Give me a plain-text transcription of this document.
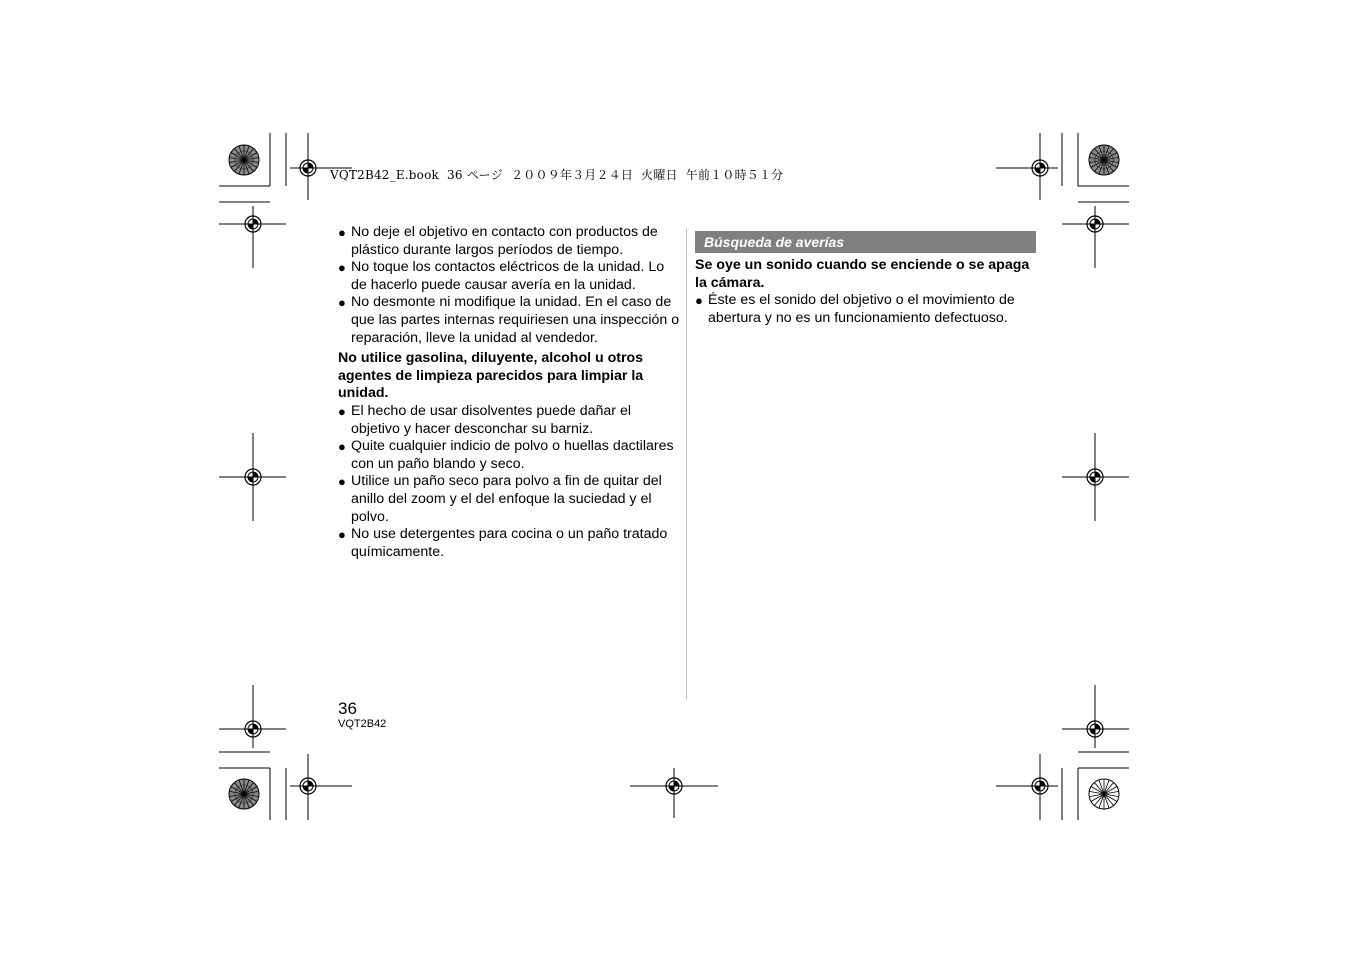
VQT2B42_E.book  36 ページ  ２００９年３月２４日  火曜日  午前１０時５１分
● No deje el objetivo en contacto con productos de plástico durante largos períodos de tiempo.
● No toque los contactos eléctricos de la unidad. Lo de hacerlo puede causar avería en la unidad.
● No desmonte ni modifique la unidad. En el caso de que las partes internas requiriesen una inspección o reparación, lleve la unidad al vendedor.

No utilice gasolina, diluyente, alcohol u otros agentes de limpieza parecidos para limpiar la unidad.

● El hecho de usar disolventes puede dañar el objetivo y hacer desconchar su barniz.
● Quite cualquier indicio de polvo o huellas dactilares con un paño blando y seco.
● Utilice un paño seco para polvo a fin de quitar del anillo del zoom y el del enfoque la suciedad y el polvo.
● No use detergentes para cocina o un paño tratado químicamente.
Búsqueda de averías
Se oye un sonido cuando se enciende o se apaga la cámara.
● Éste es el sonido del objetivo o el movimiento de abertura y no es un funcionamiento defectuoso.
36
VQT2B42
